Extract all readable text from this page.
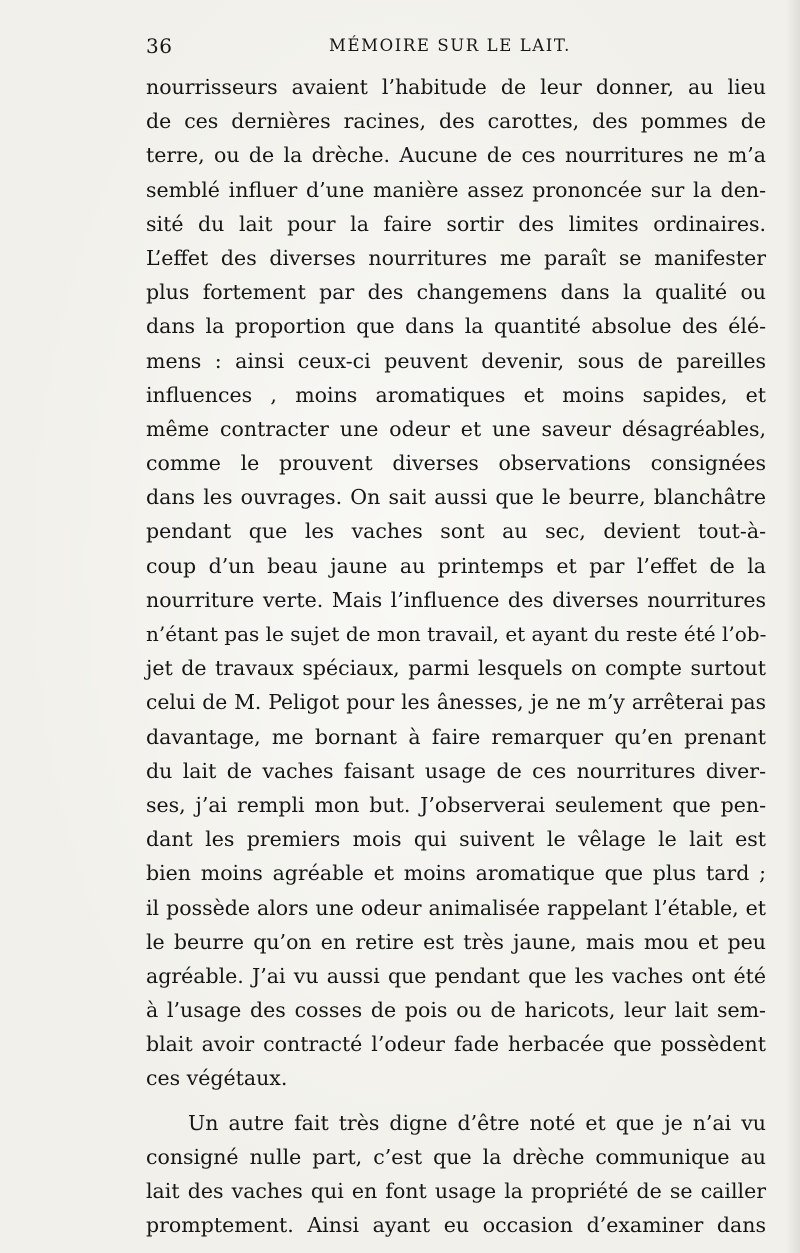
36	MÉMOIRE SUR LE LAIT.
nourrisseurs avaient l’habitude de leur donner, au lieu
de ces dernières racines, des carottes, des pommes de
terre, ou de la drèche. Aucune de ces nourritures ne m’a
semblé influer d’une manière assez prononcée sur la den-
sité du lait pour la faire sortir des limites ordinaires.
L’effet des diverses nourritures me paraît se manifester
plus fortement par des changemens dans la qualité ou
dans la proportion que dans la quantité absolue des élé-
mens : ainsi ceux-ci peuvent devenir, sous de pareilles
influences , moins aromatiques et moins sapides, et
même contracter une odeur et une saveur désagréables,
comme le prouvent diverses observations consignées
dans les ouvrages. On sait aussi que le beurre, blanchâtre
pendant que les vaches sont au sec, devient tout-à-
coup d’un beau jaune au printemps et par l’effet de la
nourriture verte. Mais l’influence des diverses nourritures
n’étant pas le sujet de mon travail, et ayant du reste été l’ob-
jet de travaux spéciaux, parmi lesquels on compte surtout
celui de M. Peligot pour les ânesses, je ne m’y arrêterai pas
davantage, me bornant à faire remarquer qu’en prenant
du lait de vaches faisant usage de ces nourritures diver-
ses, j’ai rempli mon but. J’observerai seulement que pen-
dant les premiers mois qui suivent le vêlage le lait est
bien moins agréable et moins aromatique que plus tard ;
il possède alors une odeur animalisée rappelant l’étable, et
le beurre qu’on en retire est très jaune, mais mou et peu
agréable. J’ai vu aussi que pendant que les vaches ont été
à l’usage des cosses de pois ou de haricots, leur lait sem-
blait avoir contracté l’odeur fade herbacée que possèdent
ces végétaux.
Un autre fait très digne d’être noté et que je n’ai vu
consigné nulle part, c’est que la drèche communique au
lait des vaches qui en font usage la propriété de se cailler
promptement. Ainsi ayant eu occasion d’examiner dans
